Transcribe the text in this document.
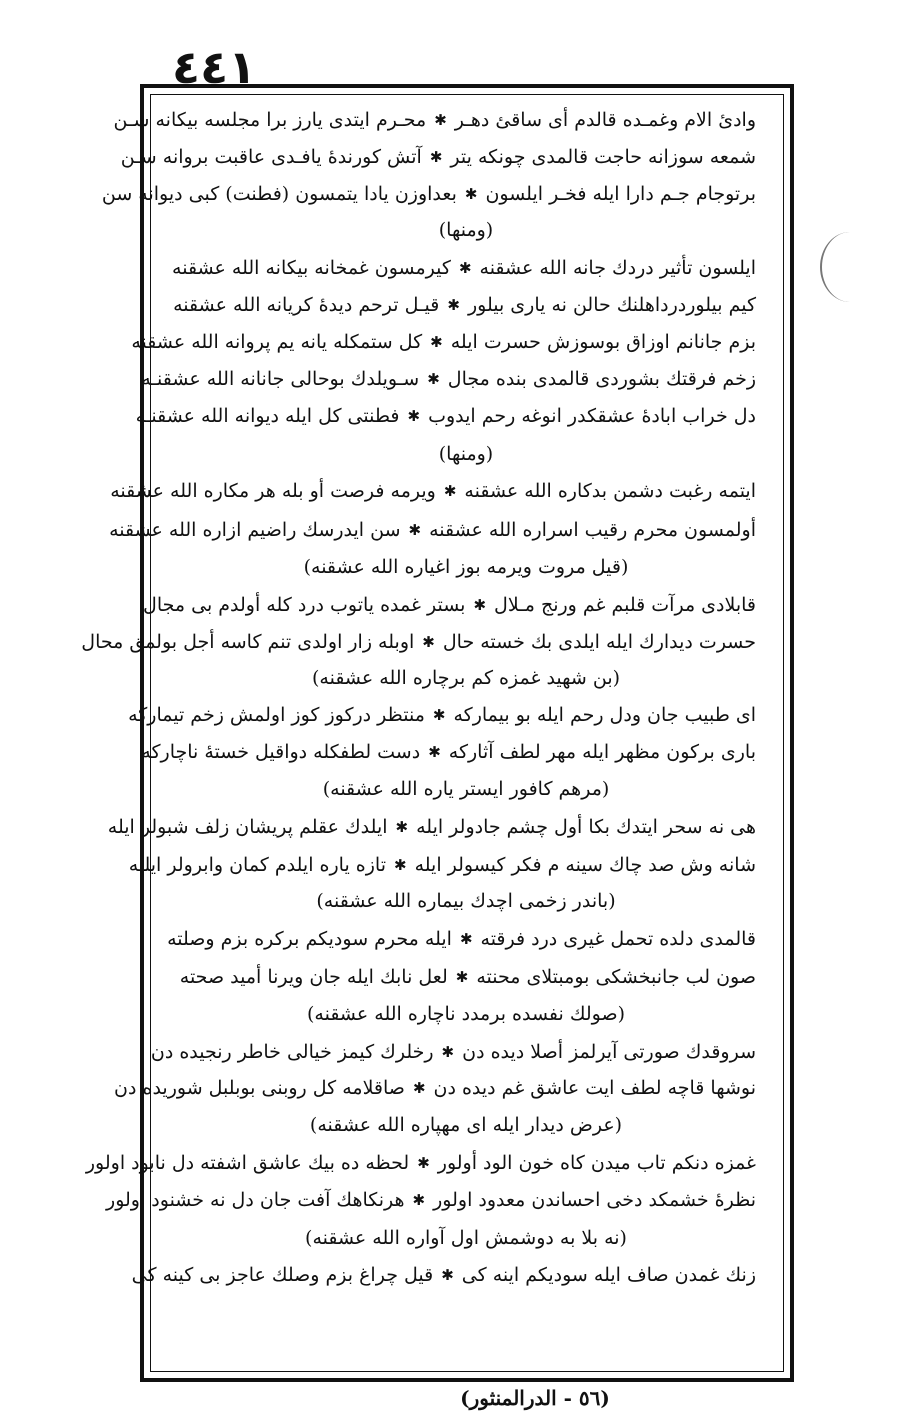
٤٤١
وادئ الام وغمـده قالدم أى ساقئ دهـر
✱
محـرم ايتدى يارز برا مجلسه بيكانه سـن
شمعه سوزانه حاجت قالمدى چونكه يتر
✱
آتش كورندهٔ يافـدى عاقبت بروانه سـن
برتوجام جـم دارا ايله فخـر ايلسون
✱
بعداوزن يادا يتمسون (فطنت) كبى ديوانه سن
(ومنها)
ايلسون تأثير دردك جانه الله عشقنه
✱
كيرمسون غمخانه بيكانه الله عشقنه
كيم بيلوردرداهلنك حالن نه يارى بيلور
✱
قيـل ترحم ديدهٔ كريانه الله عشقنه
بزم جانانم اوزاق بوسوزش حسرت ايله
✱
كل ستمكله يانه يم پروانه الله عشقنه
زخم فرقتك بشوردى قالمدى بنده مجال
✱
سـويلدك بوحالى جانانه الله عشقنـه
دل خراب ابادهٔ عشقكدر انوغه رحم ايدوب
✱
فطنتى كل ايله ديوانه الله عشقنـه
(ومنها)
ايتمه رغبت دشمن بدكاره الله عشقنه
✱
ويرمه فرصت أو بله هر مكاره الله عشقنه
أولمسون محرم رقيب اسراره الله عشقنه
✱
سن ايدرسك راضيم ازاره الله عشقنه
(قيل مروت ويرمه بوز اغياره الله عشقنه)
قابلادى مرآت قلبم غم ورنج مـلال
✱
بستر غمده ياتوب درد كله أولدم بى مجال
حسرت ديدارك ايله ايلدى بك خسته حال
✱
اوبله زار اولدى تنم كاسه أجل بولمق محال
(بن شهيد غمزه كم برچاره الله عشقنه)
اى طبيب جان ودل رحم ايله بو بيماركه
✱
منتظر دركوز كوز اولمش زخم تيماركه
بارى بركون مظهر ايله مهر لطف آثاركه
✱
دست لطفكله دواقيل خستهٔ ناچاركه
(مرهم كافور ايستر ياره الله عشقنه)
هى نه سحر ايتدك بكا أول چشم جادولر ايله
✱
ايلدك عقلم پريشان زلف شبولر ايله
شانه وش صد چاك سينه م فكر كيسولر ايله
✱
تازه ياره ايلدم كمان وابرولر ايلـه
(باندر زخمى اچدك بيماره الله عشقنه)
قالمدى دلده تحمل غيرى درد فرقته
✱
ايله محرم سوديكم بركره بزم وصلته
صون لب جانبخشكى بومبتلاى محنته
✱
لعل نابك ايله جان ويرنا أميد صحته
(صولك نفسده برمدد ناچاره الله عشقنه)
سروقدك صورتى آيرلمز أصلا ديده دن
✱
رخلرك كيمز خيالى خاطر رنجيده دن
نوشها قاچه لطف ايت عاشق غم ديده دن
✱
صاقلامه كل روبنى بوبلبل شوريده دن
(عرض ديدار ايله اى مهپاره الله عشقنه)
غمزه دنكم تاب ميدن كاه خون الود أولور
✱
لحظه ده بيك عاشق اشفته دل نابود اولور
نظرهٔ خشمكد دخى احساندن معدود اولور
✱
هرنكاهك آفت جان دل نه خشنود اولور
(نه بلا به دوشمش اول آواره الله عشقنه)
زنك غمدن صاف ايله سوديكم اينه كى
✱
قيل چراغ بزم وصلك عاجز بى كينه كى
(٥٦ - الدرالمنثور)
